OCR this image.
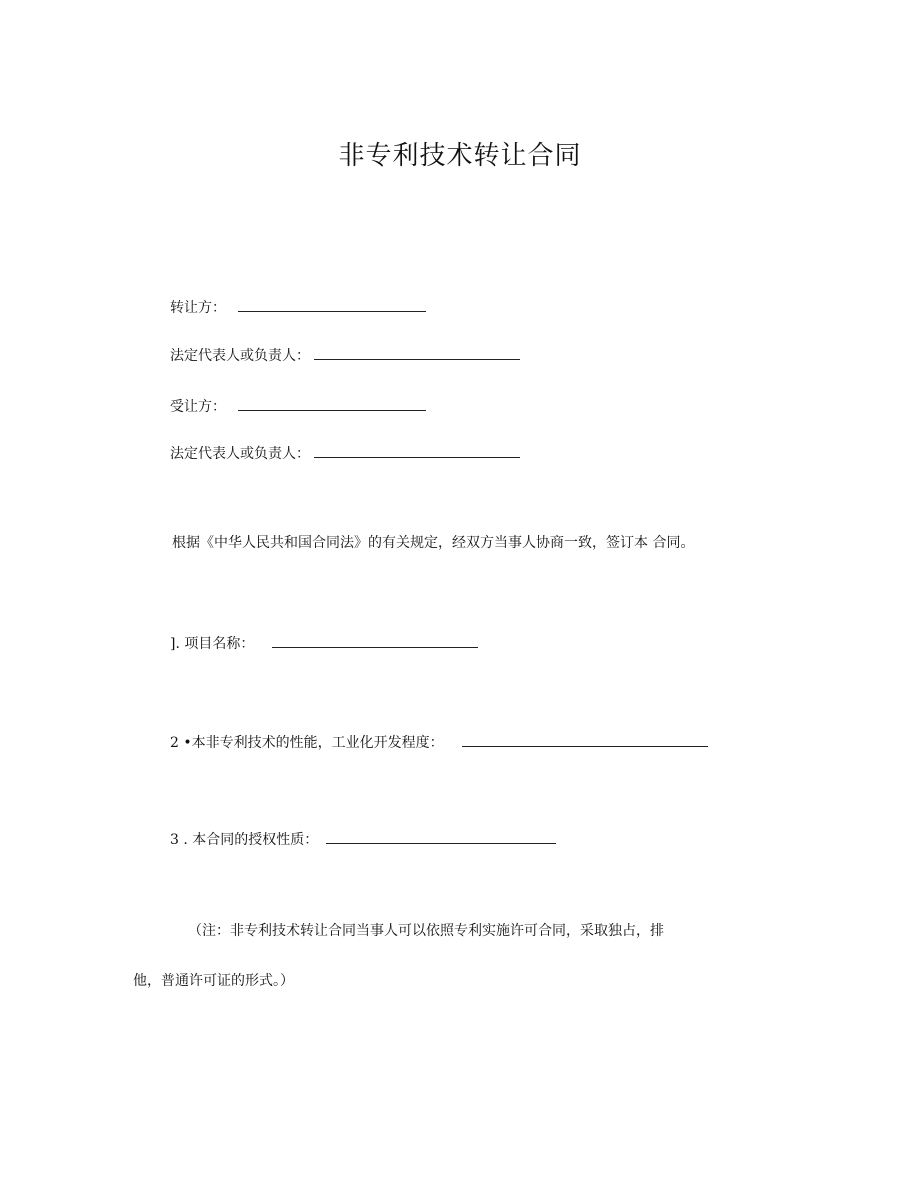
非专利技术转让合同
转让方：
法定代表人或负责人：
受让方：
法定代表人或负责人：
根据《中华人民共和国合同法》的有关规定，经双方当事人协商一致，签订本 合同。
]. 项目名称：
2 •本非专利技术的性能，工业化开发程度：
3 . 本合同的授权性质：
（注：非专利技术转让合同当事人可以依照专利实施许可合同，采取独占，排
他，普通许可证的形式。）
